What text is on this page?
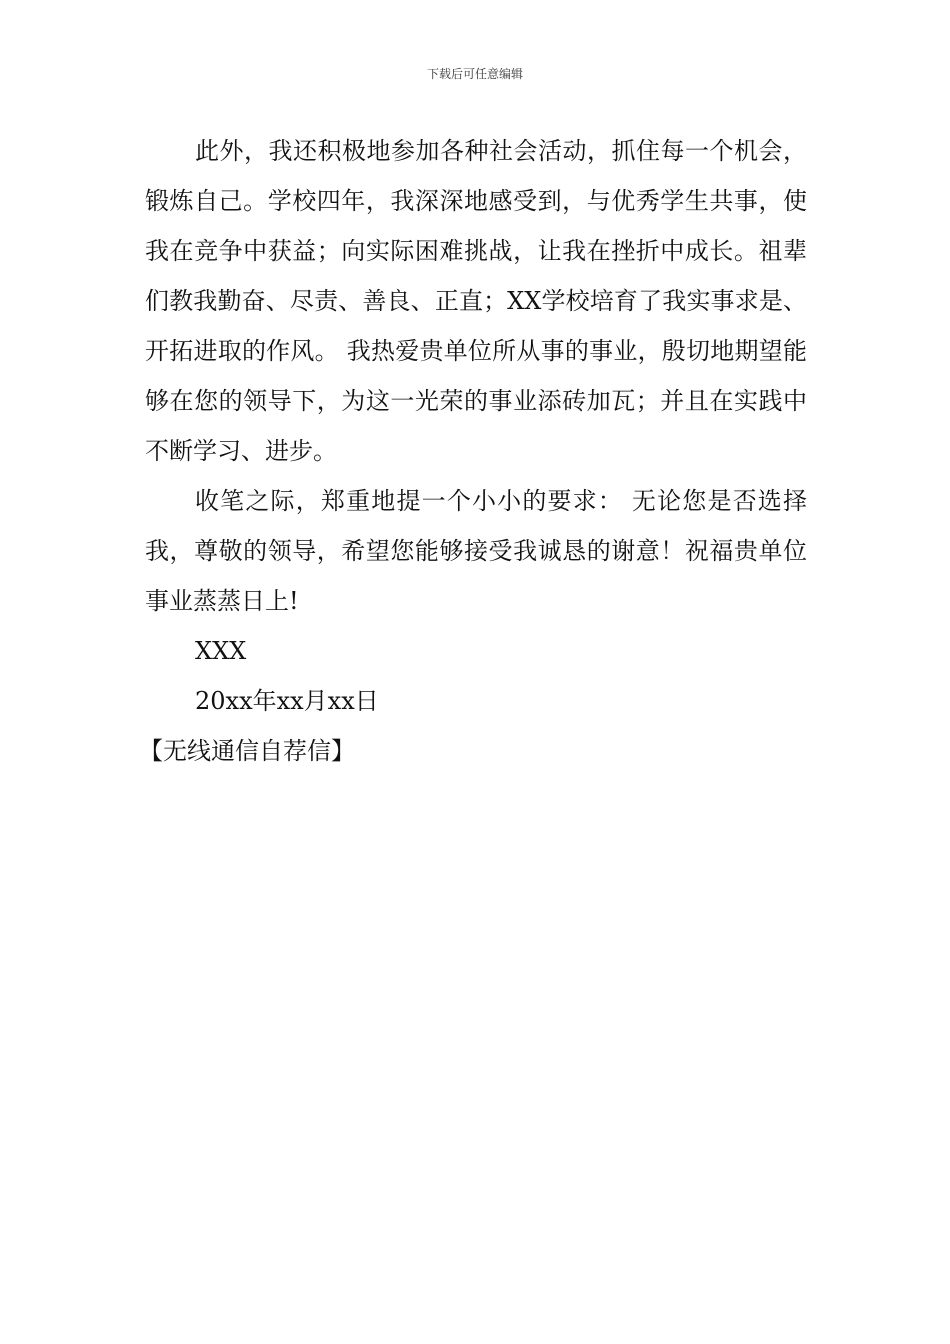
下载后可任意编辑

此外，我还积极地参加各种社会活动，抓住每一个机会，锻炼自己。学校四年，我深深地感受到，与优秀学生共事，使我在竞争中获益；向实际困难挑战，让我在挫折中成长。祖辈们教我勤奋、尽责、善良、正直；XX学校培育了我实事求是、开拓进取的作风。 我热爱贵单位所从事的事业，殷切地期望能够在您的领导下，为这一光荣的事业添砖加瓦；并且在实践中不断学习、进步。

收笔之际，郑重地提一个小小的要求： 无论您是否选择我，尊敬的领导，希望您能够接受我诚恳的谢意！祝福贵单位事业蒸蒸日上!

XXX

20xx年xx月xx日

【无线通信自荐信】
